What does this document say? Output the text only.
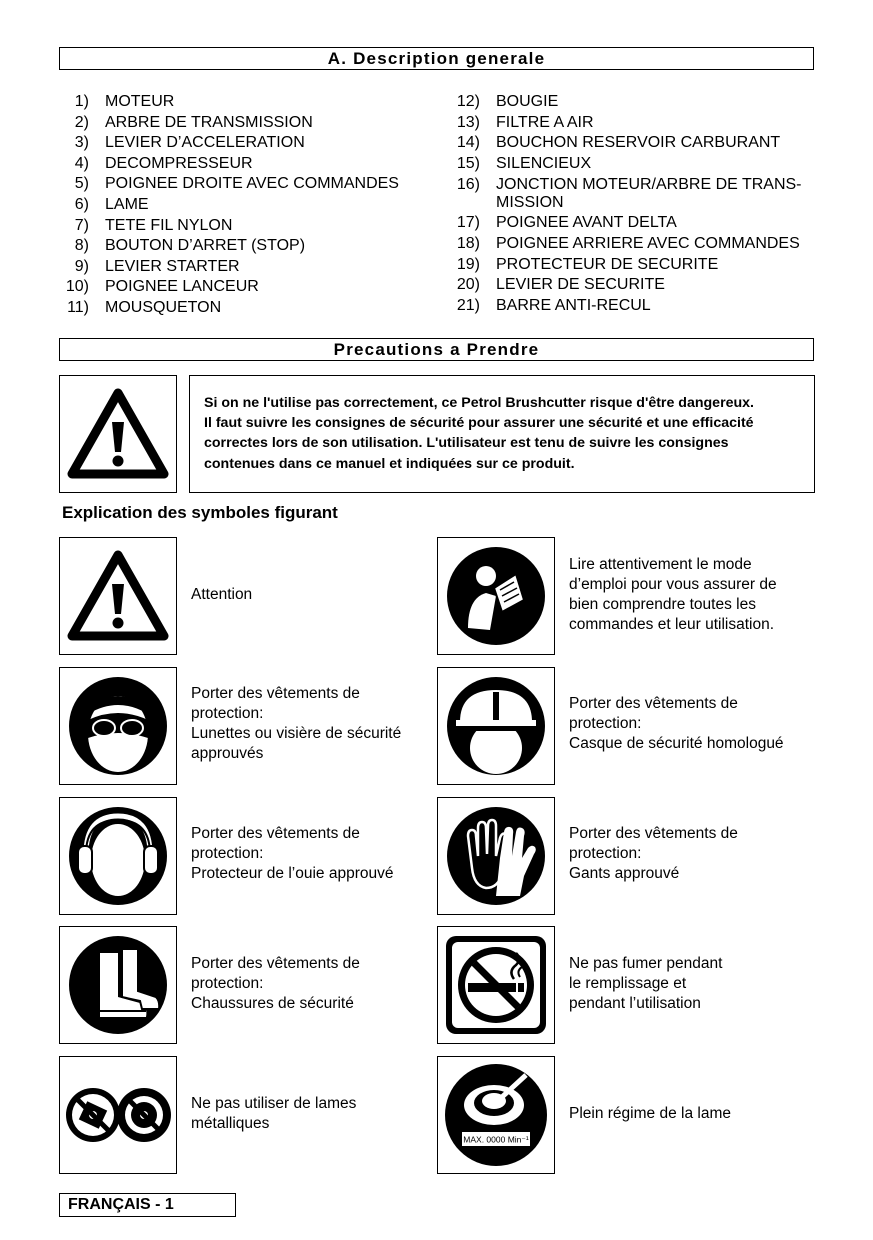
A. Description generale
1)	MOTEUR
2)	ARBRE DE TRANSMISSION
3)	LEVIER D’ACCELERATION
4)	DECOMPRESSEUR
5)	POIGNEE DROITE AVEC COMMANDES
6)	LAME
7)	TETE FIL NYLON
8)	BOUTON D’ARRET (STOP)
9)	LEVIER STARTER
10)	POIGNEE LANCEUR
11)	MOUSQUETON
12)	BOUGIE
13)	FILTRE A AIR
14)	BOUCHON RESERVOIR CARBURANT
15)	SILENCIEUX
16)	JONCTION MOTEUR/ARBRE DE TRANS-
MISSION
17)	POIGNEE AVANT DELTA
18)	POIGNEE ARRIERE AVEC COMMANDES
19)	PROTECTEUR DE SECURITE
20)	LEVIER DE SECURITE
21)	BARRE ANTI-RECUL
Precautions a Prendre
Si on ne l'utilise pas correctement, ce Petrol Brushcutter risque d'être dangereux.
Il faut suivre les consignes de sécurité pour assurer une sécurité et une efficacité
correctes lors de son utilisation. L'utilisateur est tenu de suivre les consignes
contenues dans ce manuel et indiquées sur ce produit.
Explication des symboles figurant
Attention
Lire attentivement le mode
d’emploi pour vous assurer de
bien comprendre toutes les
commandes et leur utilisation.
Porter des vêtements de
protection:
Lunettes ou visière de sécurité
approuvés
Porter des vêtements de
protection:
Casque de sécurité homologué
Porter des vêtements de
protection:
Protecteur de l’ouie approuvé
Porter des vêtements de
protection:
Gants approuvé
Porter des vêtements de
protection:
Chaussures de sécurité
Ne pas fumer pendant
le remplissage et
pendant l’utilisation
Ne pas utiliser de lames
métalliques
MAX. 0000 Min⁻¹
Plein régime de la lame
FRANÇAIS - 1
